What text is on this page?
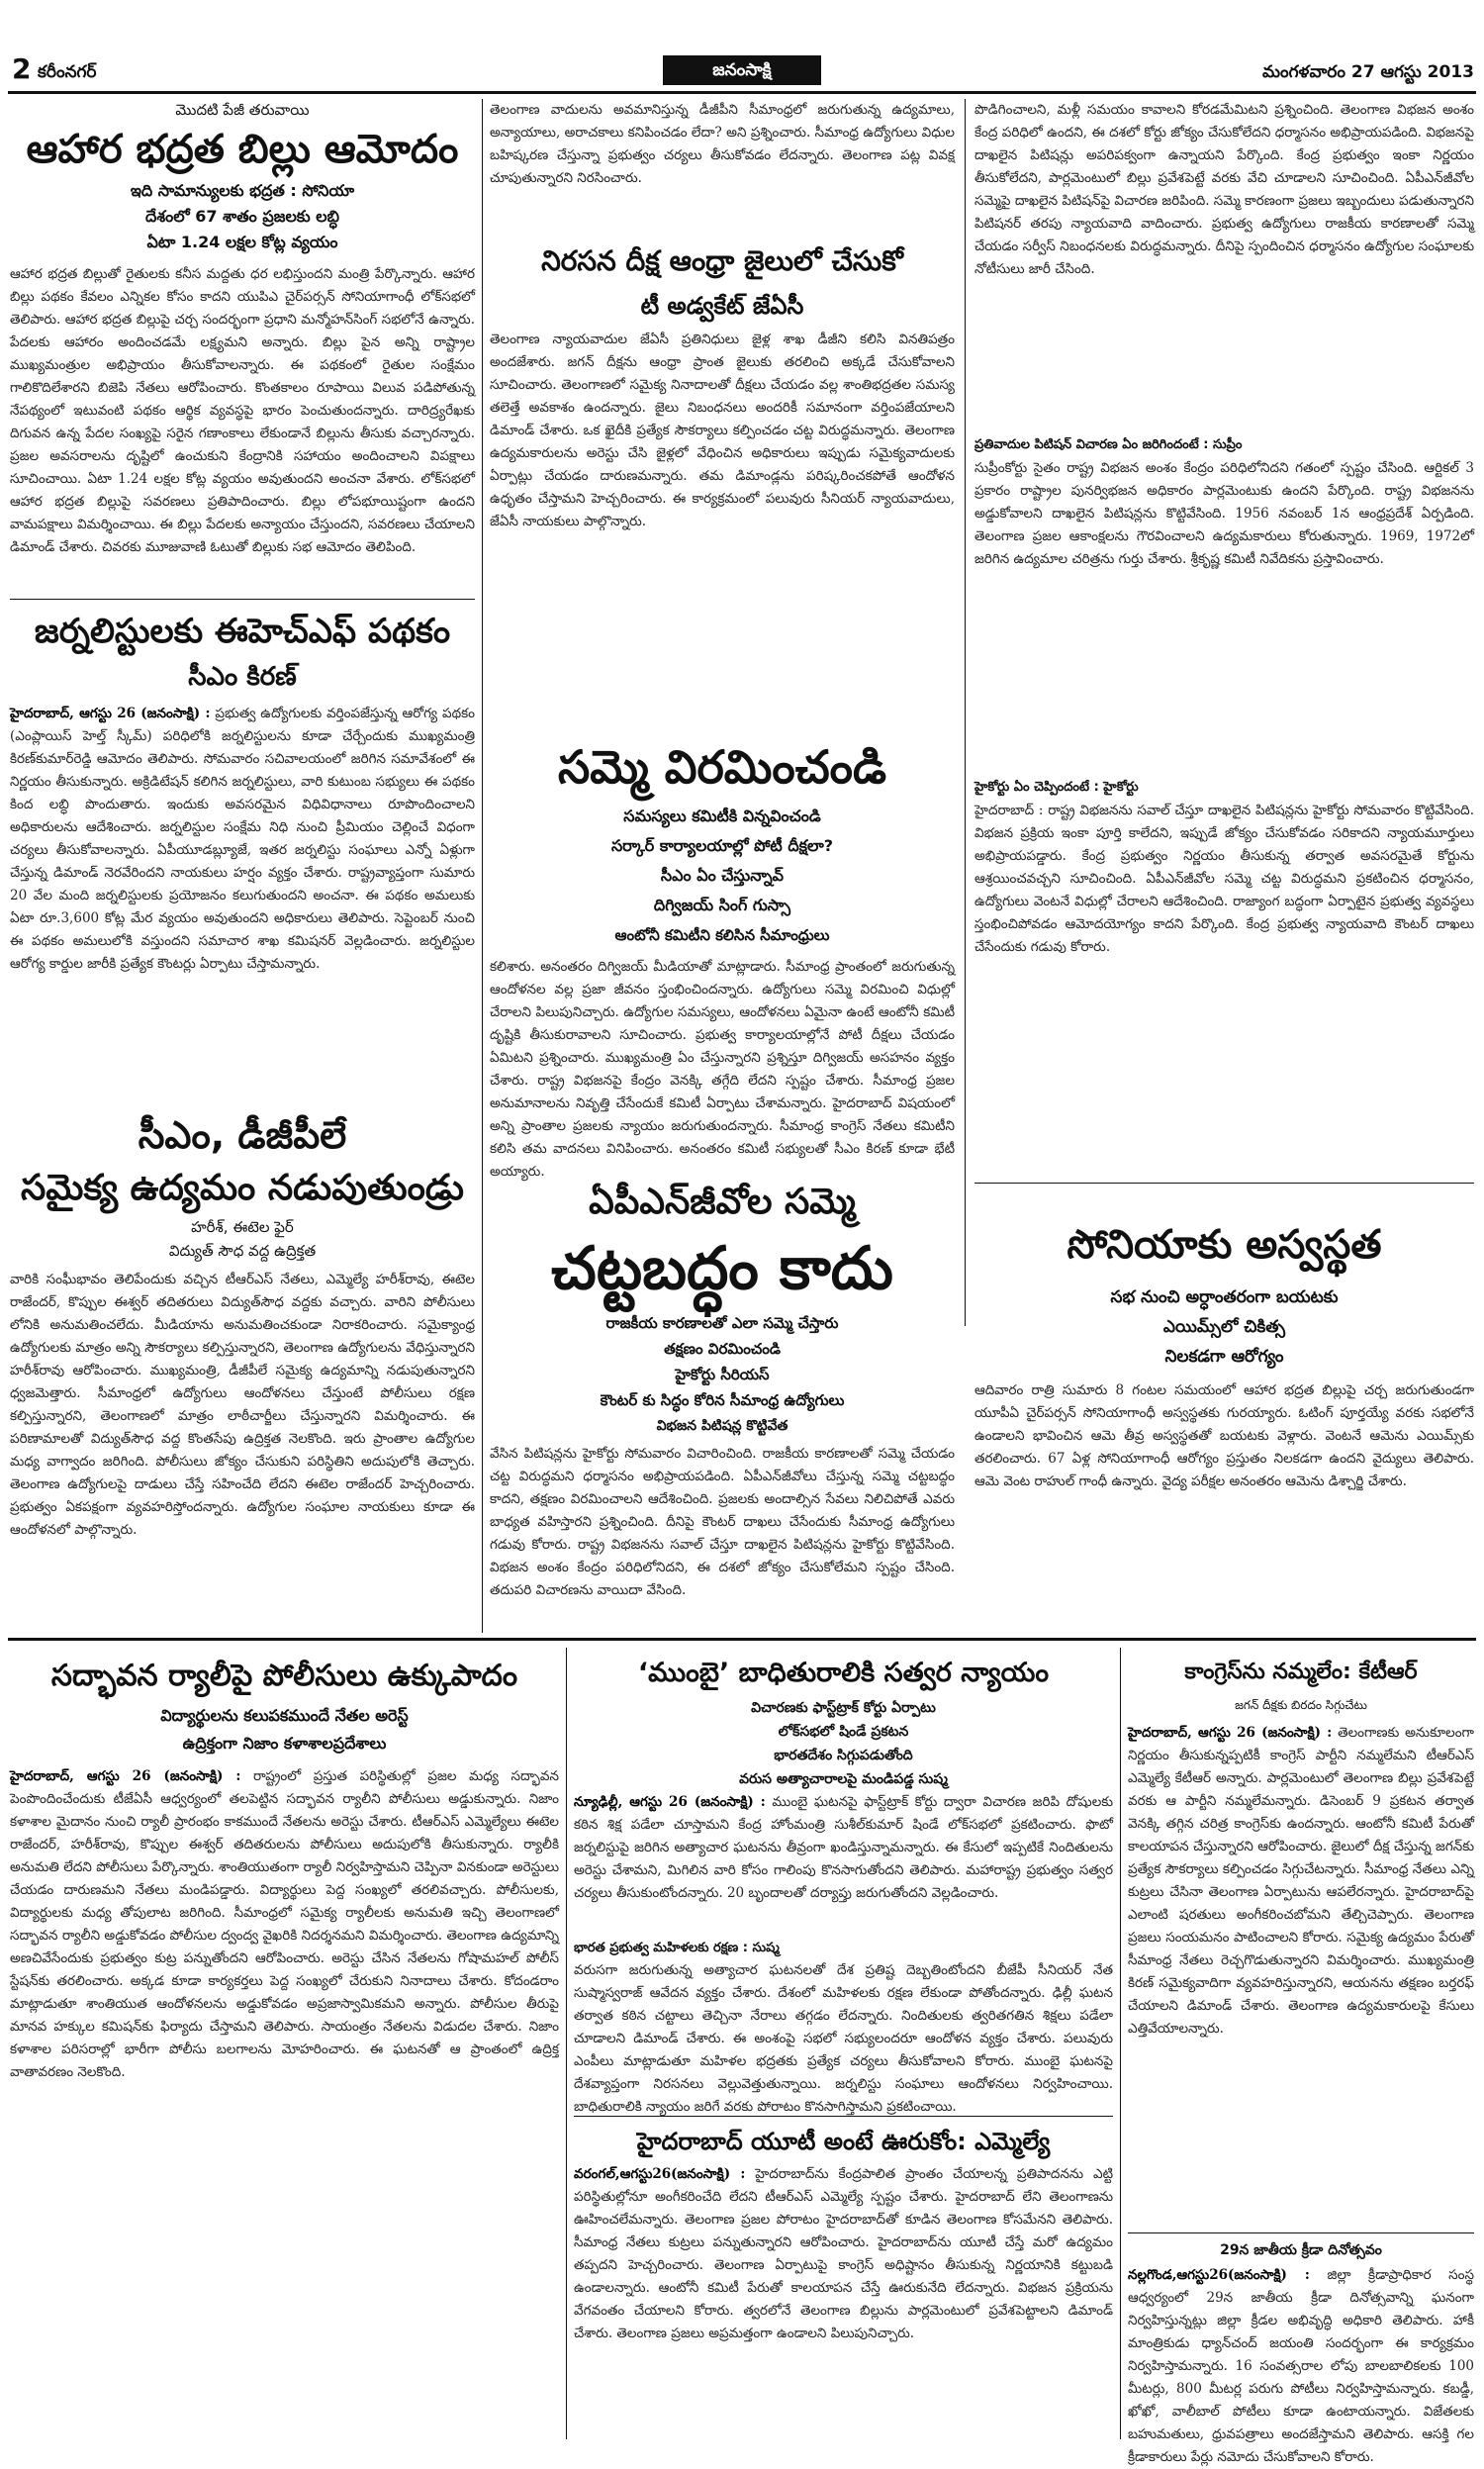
2 కరీంనగర్	జనంసాక్షి	మంగళవారం 27 ఆగస్టు 2013
మొదటి పేజీ తరువాయి
ఆహార భద్రత బిల్లు ఆమోదం
ఇది సామాన్యులకు భద్రత : సోనియా
దేశంలో 67 శాతం ప్రజలకు లబ్ధి
ఏటా 1.24 లక్షల కోట్ల వ్యయం
ఆహార భద్రత బిల్లుతో రైతులకు కనీస మద్దతు ధర లభిస్తుందని మంత్రి పేర్కొన్నారు. ఆహార బిల్లు పథకం కేవలం ఎన్నికల కోసం కాదని యుపిఎ చైర్‌పర్సన్ సోనియాగాంధీ లోక్‌సభలో తెలిపారు. ఆహార భద్రత బిల్లుపై చర్చ సందర్భంగా ప్రధాని మన్మోహన్‌సింగ్ సభలోనే ఉన్నారు. పేదలకు ఆహారం అందించడమే లక్ష్యమని అన్నారు. బిల్లు పైన అన్ని రాష్ట్రాల ముఖ్యమంత్రుల అభిప్రాయం తీసుకోవాలన్నారు. ఈ పథకంలో రైతుల సంక్షేమం గాలికొదిలేశారని బిజెపి నేతలు ఆరోపించారు. కొంతకాలం రూపాయి విలువ పడిపోతున్న నేపథ్యంలో ఇటువంటి పథకం ఆర్థిక వ్యవస్థపై భారం పెంచుతుందన్నారు. దారిద్ర్యరేఖకు దిగువన ఉన్న పేదల సంఖ్యపై సరైన గణాంకాలు లేకుండానే బిల్లును తీసుకు వచ్చారన్నారు. ప్రజల అవసరాలను దృష్టిలో ఉంచుకుని కేంద్రానికి సహాయం అందించాలని విపక్షాలు సూచించాయి. ఏటా 1.24 లక్షల కోట్ల వ్యయం అవుతుందని అంచనా వేశారు. లోక్‌సభలో ఆహార భద్రత బిల్లుపై సవరణలు ప్రతిపాదించారు. బిల్లు లోపభూయిష్టంగా ఉందని వామపక్షాలు విమర్శించాయి. ఈ బిల్లు పేదలకు అన్యాయం చేస్తుందని, సవరణలు చేయాలని డిమాండ్ చేశారు. చివరకు మూజువాణి ఓటుతో బిల్లుకు సభ ఆమోదం తెలిపింది.
జర్నలిస్టులకు ఈహెచ్‌ఎఫ్ పథకం
సీఎం కిరణ్
హైదరాబాద్, ఆగస్టు 26 (జనంసాక్షి) : ప్రభుత్వ ఉద్యోగులకు వర్తింపజేస్తున్న ఆరోగ్య పథకం (ఎంప్లాయిస్ హెల్త్ స్కీమ్) పరిధిలోకి జర్నలిస్టులను కూడా చేర్చేందుకు ముఖ్యమంత్రి కిరణ్‌కుమార్‌రెడ్డి ఆమోదం తెలిపారు. సోమవారం సచివాలయంలో జరిగిన సమావేశంలో ఈ నిర్ణయం తీసుకున్నారు. అక్రిడిటేషన్ కలిగిన జర్నలిస్టులు, వారి కుటుంబ సభ్యులు ఈ పథకం కింద లబ్ధి పొందుతారు. ఇందుకు అవసరమైన విధివిధానాలు రూపొందించాలని అధికారులను ఆదేశించారు. జర్నలిస్టుల సంక్షేమ నిధి నుంచి ప్రీమియం చెల్లించే విధంగా చర్యలు తీసుకోవాలన్నారు. ఏపీయూడబ్ల్యూజే, ఇతర జర్నలిస్టు సంఘాలు ఎన్నో ఏళ్లుగా చేస్తున్న డిమాండ్ నెరవేరిందని నాయకులు హర్షం వ్యక్తం చేశారు. రాష్ట్రవ్యాప్తంగా సుమారు 20 వేల మంది జర్నలిస్టులకు ప్రయోజనం కలుగుతుందని అంచనా. ఈ పథకం అమలుకు ఏటా రూ.3,600 కోట్ల మేర వ్యయం అవుతుందని అధికారులు తెలిపారు. సెప్టెంబర్ నుంచి ఈ పథకం అమలులోకి వస్తుందని సమాచార శాఖ కమిషనర్ వెల్లడించారు. జర్నలిస్టుల ఆరోగ్య కార్డుల జారీకి ప్రత్యేక కౌంటర్లు ఏర్పాటు చేస్తామన్నారు.
సీఎం, డీజీపీలే
సమైక్య ఉద్యమం నడుపుతుండ్రు
హరీశ్, ఈటెల ఫైర్
విద్యుత్ సౌధ వద్ద ఉద్రిక్తత
వారికి సంఘీభావం తెలిపేందుకు వచ్చిన టీఆర్ఎస్ నేతలు, ఎమ్మెల్యే హరీశ్‌రావు, ఈటెల రాజేందర్, కొప్పుల ఈశ్వర్ తదితరులు విద్యుత్‌సౌధ వద్దకు వచ్చారు. వారిని పోలీసులు లోనికి అనుమతించలేదు. మీడియాను అనుమతించకుండా నిరాకరించారు. సమైక్యాంధ్ర ఉద్యోగులకు మాత్రం అన్ని సౌకర్యాలు కల్పిస్తున్నారని, తెలంగాణ ఉద్యోగులను వేధిస్తున్నారని హరీశ్‌రావు ఆరోపించారు. ముఖ్యమంత్రి, డీజీపీలే సమైక్య ఉద్యమాన్ని నడుపుతున్నారని ధ్వజమెత్తారు. సీమాంధ్రలో ఉద్యోగులు ఆందోళనలు చేస్తుంటే పోలీసులు రక్షణ కల్పిస్తున్నారని, తెలంగాణలో మాత్రం లాఠీచార్జీలు చేస్తున్నారని విమర్శించారు. ఈ పరిణామాలతో విద్యుత్‌సౌధ వద్ద కొంతసేపు ఉద్రిక్తత నెలకొంది. ఇరు ప్రాంతాల ఉద్యోగుల మధ్య వాగ్వాదం జరిగింది. పోలీసులు జోక్యం చేసుకుని పరిస్థితిని అదుపులోకి తెచ్చారు. తెలంగాణ ఉద్యోగులపై దాడులు చేస్తే సహించేది లేదని ఈటెల రాజేందర్ హెచ్చరించారు. ప్రభుత్వం ఏకపక్షంగా వ్యవహరిస్తోందన్నారు. ఉద్యోగుల సంఘాల నాయకులు కూడా ఈ ఆందోళనలో పాల్గొన్నారు.
తెలంగాణ వాదులను అవమానిస్తున్న డీజీపీని సీమాంధ్రలో జరుగుతున్న ఉద్యమాలు, అన్యాయాలు, అరాచకాలు కనిపించడం లేదా? అని ప్రశ్నించారు. సీమాంధ్ర ఉద్యోగులు విధుల బహిష్కరణ చేస్తున్నా ప్రభుత్వం చర్యలు తీసుకోవడం లేదన్నారు. తెలంగాణ పట్ల వివక్ష చూపుతున్నారని నిరసించారు.
నిరసన దీక్ష ఆంధ్రా జైలులో చేసుకో
టీ అడ్వకేట్ జేఏసీ
తెలంగాణ న్యాయవాదుల జేఏసీ ప్రతినిధులు జైళ్ల శాఖ డీజీని కలిసి వినతిపత్రం అందజేశారు. జగన్ దీక్షను ఆంధ్రా ప్రాంత జైలుకు తరలించి అక్కడే చేసుకోవాలని సూచించారు. తెలంగాణలో సమైక్య నినాదాలతో దీక్షలు చేయడం వల్ల శాంతిభద్రతల సమస్య తలెత్తే అవకాశం ఉందన్నారు. జైలు నిబంధనలు అందరికీ సమానంగా వర్తింపజేయాలని డిమాండ్ చేశారు. ఒక ఖైదీకి ప్రత్యేక సౌకర్యాలు కల్పించడం చట్ట విరుద్ధమన్నారు. తెలంగాణ ఉద్యమకారులను అరెస్టు చేసి జైళ్లలో వేధించిన అధికారులు ఇప్పుడు సమైక్యవాదులకు ఏర్పాట్లు చేయడం దారుణమన్నారు. తమ డిమాండ్లను పరిష్కరించకపోతే ఆందోళన ఉధృతం చేస్తామని హెచ్చరించారు. ఈ కార్యక్రమంలో పలువురు సీనియర్ న్యాయవాదులు, జేఏసీ నాయకులు పాల్గొన్నారు.
సమ్మె విరమించండి
సమస్యలు కమిటీకి విన్నవించండి
సర్కార్ కార్యాలయాల్లో పోటీ దీక్షలా?
సీఎం ఏం చేస్తున్నావ్
దిగ్విజయ్ సింగ్ గుస్సా
ఆంటోనీ కమిటీని కలిసిన సీమాంధ్రులు
కలిశారు. అనంతరం దిగ్విజయ్ మీడియాతో మాట్లాడారు. సీమాంధ్ర ప్రాంతంలో జరుగుతున్న ఆందోళనల వల్ల ప్రజా జీవనం స్తంభించిందన్నారు. ఉద్యోగులు సమ్మె విరమించి విధుల్లో చేరాలని పిలుపునిచ్చారు. ఉద్యోగుల సమస్యలు, ఆందోళనలు ఏమైనా ఉంటే ఆంటోనీ కమిటీ దృష్టికి తీసుకురావాలని సూచించారు. ప్రభుత్వ కార్యాలయాల్లోనే పోటీ దీక్షలు చేయడం ఏమిటని ప్రశ్నించారు. ముఖ్యమంత్రి ఏం చేస్తున్నారని ప్రశ్నిస్తూ దిగ్విజయ్ అసహనం వ్యక్తం చేశారు. రాష్ట్ర విభజనపై కేంద్రం వెనక్కి తగ్గేది లేదని స్పష్టం చేశారు. సీమాంధ్ర ప్రజల అనుమానాలను నివృత్తి చేసేందుకే కమిటీ ఏర్పాటు చేశామన్నారు. హైదరాబాద్ విషయంలో అన్ని ప్రాంతాల ప్రజలకు న్యాయం జరుగుతుందన్నారు. సీమాంధ్ర కాంగ్రెస్ నేతలు కమిటీని కలిసి తమ వాదనలు వినిపించారు. అనంతరం కమిటీ సభ్యులతో సీఎం కిరణ్ కూడా భేటీ అయ్యారు.
పొడిగించాలని, మళ్లీ సమయం కావాలని కోరడమేమిటని ప్రశ్నించింది. తెలంగాణ విభజన అంశం కేంద్ర పరిధిలో ఉందని, ఈ దశలో కోర్టు జోక్యం చేసుకోలేదని ధర్మాసనం అభిప్రాయపడింది. విభజనపై దాఖలైన పిటిషన్లు అపరిపక్వంగా ఉన్నాయని పేర్కొంది. కేంద్ర ప్రభుత్వం ఇంకా నిర్ణయం తీసుకోలేదని, పార్లమెంటులో బిల్లు ప్రవేశపెట్టే వరకు వేచి చూడాలని సూచించింది. ఏపీఎన్‌జీవోల సమ్మెపై దాఖలైన పిటిషన్‌పై విచారణ జరిపింది. సమ్మె కారణంగా ప్రజలు ఇబ్బందులు పడుతున్నారని పిటిషనర్ తరపు న్యాయవాది వాదించారు. ప్రభుత్వ ఉద్యోగులు రాజకీయ కారణాలతో సమ్మె చేయడం సర్వీస్ నిబంధనలకు విరుద్ధమన్నారు. దీనిపై స్పందించిన ధర్మాసనం ఉద్యోగుల సంఘాలకు నోటీసులు జారీ చేసింది.
ప్రతివాదుల పిటిషన్ విచారణ ఏం జరిగిందంటే : సుప్రీం
సుప్రీంకోర్టు సైతం రాష్ట్ర విభజన అంశం కేంద్రం పరిధిలోనిదని గతంలో స్పష్టం చేసింది. ఆర్టికల్ 3 ప్రకారం రాష్ట్రాల పునర్విభజన అధికారం పార్లమెంటుకు ఉందని పేర్కొంది. రాష్ట్ర విభజనను అడ్డుకోవాలని దాఖలైన పిటిషన్లను కొట్టివేసింది. 1956 నవంబర్ 1న ఆంధ్రప్రదేశ్ ఏర్పడింది. తెలంగాణ ప్రజల ఆకాంక్షలను గౌరవించాలని ఉద్యమకారులు కోరుతున్నారు. 1969, 1972లో జరిగిన ఉద్యమాల చరిత్రను గుర్తు చేశారు. శ్రీకృష్ణ కమిటీ నివేదికను ప్రస్తావించారు.
హైకోర్టు ఏం చెప్పిందంటే : హైకోర్టు
హైదరాబాద్ : రాష్ట్ర విభజనను సవాల్ చేస్తూ దాఖలైన పిటిషన్లను హైకోర్టు సోమవారం కొట్టివేసింది. విభజన ప్రక్రియ ఇంకా పూర్తి కాలేదని, ఇప్పుడే జోక్యం చేసుకోవడం సరికాదని న్యాయమూర్తులు అభిప్రాయపడ్డారు. కేంద్ర ప్రభుత్వం నిర్ణయం తీసుకున్న తర్వాత అవసరమైతే కోర్టును ఆశ్రయించవచ్చని సూచించింది. ఏపీఎన్‌జీవోల సమ్మె చట్ట విరుద్ధమని ప్రకటించిన ధర్మాసనం, ఉద్యోగులు వెంటనే విధుల్లో చేరాలని ఆదేశించింది. రాజ్యాంగ బద్ధంగా ఏర్పాటైన ప్రభుత్వ వ్యవస్థలు స్తంభించిపోవడం ఆమోదయోగ్యం కాదని పేర్కొంది. కేంద్ర ప్రభుత్వ న్యాయవాది కౌంటర్ దాఖలు చేసేందుకు గడువు కోరారు.
ఏపీఎన్‌జీవోల సమ్మె
చట్టబద్ధం కాదు
రాజకీయ కారణాలతో ఎలా సమ్మె చేస్తారు
తక్షణం విరమించండి
హైకోర్టు సీరియస్
కౌంటర్ కు సిద్ధం కోరిన సీమాంధ్ర ఉద్యోగులు
విభజన పిటిషన్ల కొట్టివేత
వేసిన పిటిషన్లను హైకోర్టు సోమవారం విచారించింది. రాజకీయ కారణాలతో సమ్మె చేయడం చట్ట విరుద్ధమని ధర్మాసనం అభిప్రాయపడింది. ఏపీఎన్‌జీవోలు చేస్తున్న సమ్మె చట్టబద్ధం కాదని, తక్షణం విరమించాలని ఆదేశించింది. ప్రజలకు అందాల్సిన సేవలు నిలిచిపోతే ఎవరు బాధ్యత వహిస్తారని ప్రశ్నించింది. దీనిపై కౌంటర్ దాఖలు చేసేందుకు సీమాంధ్ర ఉద్యోగులు గడువు కోరారు. రాష్ట్ర విభజనను సవాల్ చేస్తూ దాఖలైన పిటిషన్లను హైకోర్టు కొట్టివేసింది. విభజన అంశం కేంద్రం పరిధిలోనిదని, ఈ దశలో జోక్యం చేసుకోలేమని స్పష్టం చేసింది. తదుపరి విచారణను వాయిదా వేసింది.
సోనియాకు అస్వస్థత
సభ నుంచి అర్ధాంతరంగా బయటకు
ఎయిమ్స్‌లో చికిత్స
నిలకడగా ఆరోగ్యం
ఆదివారం రాత్రి సుమారు 8 గంటల సమయంలో ఆహార భద్రత బిల్లుపై చర్చ జరుగుతుండగా యూపీఏ చైర్‌పర్సన్ సోనియాగాంధీ అస్వస్థతకు గురయ్యారు. ఓటింగ్ పూర్తయ్యే వరకు సభలోనే ఉండాలని భావించిన ఆమె తీవ్ర అస్వస్థతతో బయటకు వెళ్లారు. వెంటనే ఆమెను ఎయిమ్స్‌కు తరలించారు. 67 ఏళ్ల సోనియాగాంధీ ఆరోగ్యం ప్రస్తుతం నిలకడగా ఉందని వైద్యులు తెలిపారు. ఆమె వెంట రాహుల్ గాంధీ ఉన్నారు. వైద్య పరీక్షల అనంతరం ఆమెను డిశ్చార్జి చేశారు.
సద్భావన ర్యాలీపై పోలీసులు ఉక్కుపాదం
విద్యార్థులను కలుపకముందే నేతల అరెస్ట్
ఉద్రిక్తంగా నిజాం కళాశాలప్రదేశాలు
హైదరాబాద్, ఆగస్టు 26 (జనంసాక్షి) : రాష్ట్రంలో ప్రస్తుత పరిస్థితుల్లో ప్రజల మధ్య సద్భావన పెంపొందించేందుకు టీజేఏసీ ఆధ్వర్యంలో తలపెట్టిన సద్భావన ర్యాలీని పోలీసులు అడ్డుకున్నారు. నిజాం కళాశాల మైదానం నుంచి ర్యాలీ ప్రారంభం కాకముందే నేతలను అరెస్టు చేశారు. టీఆర్ఎస్ ఎమ్మెల్యేలు ఈటెల రాజేందర్, హరీశ్‌రావు, కొప్పుల ఈశ్వర్ తదితరులను పోలీసులు అదుపులోకి తీసుకున్నారు. ర్యాలీకి అనుమతి లేదని పోలీసులు పేర్కొన్నారు. శాంతియుతంగా ర్యాలీ నిర్వహిస్తామని చెప్పినా వినకుండా అరెస్టులు చేయడం దారుణమని నేతలు మండిపడ్డారు. విద్యార్థులు పెద్ద సంఖ్యలో తరలివచ్చారు. పోలీసులకు, విద్యార్థులకు మధ్య తోపులాట జరిగింది. సీమాంధ్రలో సమైక్య ర్యాలీలకు అనుమతి ఇచ్చి తెలంగాణలో సద్భావన ర్యాలీని అడ్డుకోవడం పోలీసుల ద్వంద్వ వైఖరికి నిదర్శనమని విమర్శించారు. తెలంగాణ ఉద్యమాన్ని అణచివేసేందుకు ప్రభుత్వం కుట్ర పన్నుతోందని ఆరోపించారు. అరెస్టు చేసిన నేతలను గోషామహల్ పోలీస్ స్టేషన్‌కు తరలించారు. అక్కడ కూడా కార్యకర్తలు పెద్ద సంఖ్యలో చేరుకుని నినాదాలు చేశారు. కోదండరాం మాట్లాడుతూ శాంతియుత ఆందోళనలను అడ్డుకోవడం అప్రజాస్వామికమని అన్నారు. పోలీసుల తీరుపై మానవ హక్కుల కమిషన్‌కు ఫిర్యాదు చేస్తామని తెలిపారు. సాయంత్రం నేతలను విడుదల చేశారు. నిజాం కళాశాల పరిసరాల్లో భారీగా పోలీసు బలగాలను మోహరించారు. ఈ ఘటనతో ఆ ప్రాంతంలో ఉద్రిక్త వాతావరణం నెలకొంది.
‘ముంబై’ బాధితురాలికి సత్వర న్యాయం
విచారణకు ఫాస్ట్‌ట్రాక్ కోర్టు ఏర్పాటు
లోక్‌సభలో షిండే ప్రకటన
భారతదేశం సిగ్గుపడుతోంది
వరుస అత్యాచారాలపై మండిపడ్డ సుష్మ
న్యూఢిల్లీ, ఆగస్టు 26 (జనంసాక్షి) : ముంబై ఘటనపై ఫాస్ట్‌ట్రాక్ కోర్టు ద్వారా విచారణ జరిపి దోషులకు కఠిన శిక్ష పడేలా చూస్తామని కేంద్ర హోంమంత్రి సుశీల్‌కుమార్ షిండే లోక్‌సభలో ప్రకటించారు. ఫొటో జర్నలిస్టుపై జరిగిన అత్యాచార ఘటనను తీవ్రంగా ఖండిస్తున్నామన్నారు. ఈ కేసులో ఇప్పటికే నిందితులను అరెస్టు చేశామని, మిగిలిన వారి కోసం గాలింపు కొనసాగుతోందని తెలిపారు. మహారాష్ట్ర ప్రభుత్వం సత్వర చర్యలు తీసుకుంటోందన్నారు. 20 బృందాలతో దర్యాప్తు జరుగుతోందని వెల్లడించారు.
భారత ప్రభుత్వ మహిళలకు రక్షణ : సుష్మ
వరుసగా జరుగుతున్న అత్యాచార ఘటనలతో దేశ ప్రతిష్ట దెబ్బతింటోందని బీజేపీ సీనియర్ నేత సుష్మాస్వరాజ్ ఆవేదన వ్యక్తం చేశారు. దేశంలో మహిళలకు రక్షణ లేకుండా పోతోందన్నారు. ఢిల్లీ ఘటన తర్వాత కఠిన చట్టాలు తెచ్చినా నేరాలు తగ్గడం లేదన్నారు. నిందితులకు త్వరితగతిన శిక్షలు పడేలా చూడాలని డిమాండ్ చేశారు. ఈ అంశంపై సభలో సభ్యులందరూ ఆందోళన వ్యక్తం చేశారు. పలువురు ఎంపీలు మాట్లాడుతూ మహిళల భద్రతకు ప్రత్యేక చర్యలు తీసుకోవాలని కోరారు. ముంబై ఘటనపై దేశవ్యాప్తంగా నిరసనలు వెల్లువెత్తుతున్నాయి. జర్నలిస్టు సంఘాలు ఆందోళనలు నిర్వహించాయి. బాధితురాలికి న్యాయం జరిగే వరకు పోరాటం కొనసాగిస్తామని ప్రకటించాయి.
హైదరాబాద్ యూటీ అంటే ఊరుకోం: ఎమ్మెల్యే
వరంగల్,ఆగస్టు26(జనంసాక్షి) : హైదరాబాద్‌ను కేంద్రపాలిత ప్రాంతం చేయాలన్న ప్రతిపాదనను ఎట్టి పరిస్థితుల్లోనూ అంగీకరించేది లేదని టీఆర్ఎస్ ఎమ్మెల్యే స్పష్టం చేశారు. హైదరాబాద్ లేని తెలంగాణను ఊహించలేమన్నారు. తెలంగాణ ప్రజల పోరాటం హైదరాబాద్‌తో కూడిన తెలంగాణ కోసమేనని తెలిపారు. సీమాంధ్ర నేతలు కుట్రలు పన్నుతున్నారని ఆరోపించారు. హైదరాబాద్‌ను యూటీ చేస్తే మరో ఉద్యమం తప్పదని హెచ్చరించారు. తెలంగాణ ఏర్పాటుపై కాంగ్రెస్ అధిష్టానం తీసుకున్న నిర్ణయానికి కట్టుబడి ఉండాలన్నారు. ఆంటోనీ కమిటీ పేరుతో కాలయాపన చేస్తే ఊరుకునేది లేదన్నారు. విభజన ప్రక్రియను వేగవంతం చేయాలని కోరారు. త్వరలోనే తెలంగాణ బిల్లును పార్లమెంటులో ప్రవేశపెట్టాలని డిమాండ్ చేశారు. తెలంగాణ ప్రజలు అప్రమత్తంగా ఉండాలని పిలుపునిచ్చారు.
కాంగ్రెస్‌ను నమ్మలేం: కేటీఆర్
జగన్ దీక్షకు బిరదం సిగ్గుచేటు
హైదరాబాద్, ఆగస్టు 26 (జనంసాక్షి) : తెలంగాణకు అనుకూలంగా నిర్ణయం తీసుకున్నప్పటికీ కాంగ్రెస్ పార్టీని నమ్మలేమని టీఆర్ఎస్ ఎమ్మెల్యే కేటీఆర్ అన్నారు. పార్లమెంటులో తెలంగాణ బిల్లు ప్రవేశపెట్టే వరకు ఆ పార్టీని నమ్మలేమన్నారు. డిసెంబర్ 9 ప్రకటన తర్వాత వెనక్కి తగ్గిన చరిత్ర కాంగ్రెస్‌కు ఉందన్నారు. ఆంటోనీ కమిటీ పేరుతో కాలయాపన చేస్తున్నారని ఆరోపించారు. జైలులో దీక్ష చేస్తున్న జగన్‌కు ప్రత్యేక సౌకర్యాలు కల్పించడం సిగ్గుచేటన్నారు. సీమాంధ్ర నేతలు ఎన్ని కుట్రలు చేసినా తెలంగాణ ఏర్పాటును ఆపలేరన్నారు. హైదరాబాద్‌పై ఎలాంటి షరతులు అంగీకరించబోమని తేల్చిచెప్పారు. తెలంగాణ ప్రజలు సంయమనం పాటించాలని కోరారు. సమైక్య ఉద్యమం పేరుతో సీమాంధ్ర నేతలు రెచ్చగొడుతున్నారని విమర్శించారు. ముఖ్యమంత్రి కిరణ్ సమైక్యవాదిగా వ్యవహరిస్తున్నారని, ఆయనను తక్షణం బర్తరఫ్ చేయాలని డిమాండ్ చేశారు. తెలంగాణ ఉద్యమకారులపై కేసులు ఎత్తివేయాలన్నారు.
29న జాతీయ క్రీడా దినోత్సవం
నల్లగొండ,ఆగస్టు26(జనంసాక్షి) : జిల్లా క్రీడాప్రాధికార సంస్థ ఆధ్వర్యంలో 29న జాతీయ క్రీడా దినోత్సవాన్ని ఘనంగా నిర్వహిస్తున్నట్లు జిల్లా క్రీడల అభివృద్ధి అధికారి తెలిపారు. హాకీ మాంత్రికుడు ధ్యాన్‌చంద్ జయంతి సందర్భంగా ఈ కార్యక్రమం నిర్వహిస్తామన్నారు. 16 సంవత్సరాల లోపు బాలబాలికలకు 100 మీటర్లు, 800 మీటర్ల పరుగు పోటీలు నిర్వహిస్తామన్నారు. కబడ్డీ, ఖోఖో, వాలీబాల్ పోటీలు కూడా ఉంటాయన్నారు. విజేతలకు బహుమతులు, ధ్రువపత్రాలు అందజేస్తామని తెలిపారు. ఆసక్తి గల క్రీడాకారులు పేర్లు నమోదు చేసుకోవాలని కోరారు.
